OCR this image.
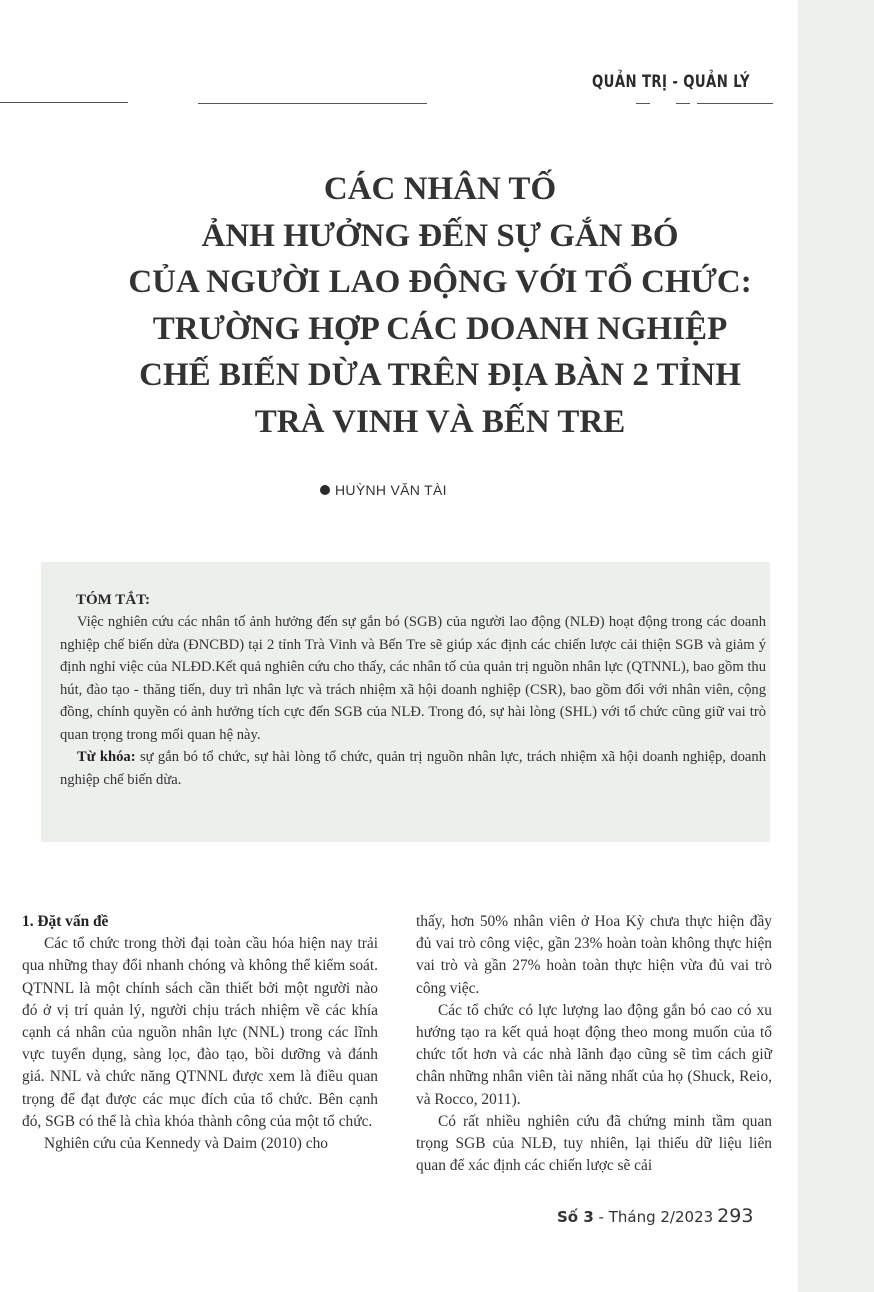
QUẢN TRỊ - QUẢN LÝ
CÁC NHÂN TỐ
ẢNH HƯỞNG ĐẾN SỰ GẮN BÓ
CỦA NGƯỜI LAO ĐỘNG VỚI TỔ CHỨC:
TRƯỜNG HỢP CÁC DOANH NGHIỆP
CHẾ BIẾN DỪA TRÊN ĐỊA BÀN 2 TỈNH
TRÀ VINH VÀ BẾN TRE
HUỲNH VĂN TÀI
TÓM TẮT:

Việc nghiên cứu các nhân tố ảnh hưởng đến sự gắn bó (SGB) của người lao động (NLĐ) hoạt động trong các doanh nghiệp chế biến dừa (ĐNCBD) tại 2 tỉnh Trà Vinh và Bến Tre sẽ giúp xác định các chiến lược cải thiện SGB và giảm ý định nghỉ việc của NLĐD.Kết quả nghiên cứu cho thấy, các nhân tố của quản trị nguồn nhân lực (QTNNL), bao gồm thu hút, đào tạo - thăng tiến, duy trì nhân lực và trách nhiệm xã hội doanh nghiệp (CSR), bao gồm đối với nhân viên, cộng đồng, chính quyền có ảnh hưởng tích cực đến SGB của NLĐ. Trong đó, sự hài lòng (SHL) với tổ chức cũng giữ vai trò quan trọng trong mối quan hệ này.

Từ khóa: sự gắn bó tổ chức, sự hài lòng tổ chức, quản trị nguồn nhân lực, trách nhiệm xã hội doanh nghiệp, doanh nghiệp chế biến dừa.

1. Đặt vấn đề

Các tổ chức trong thời đại toàn cầu hóa hiện nay trải qua những thay đổi nhanh chóng và không thể kiểm soát. QTNNL là một chính sách cần thiết bởi một người nào đó ở vị trí quản lý, người chịu trách nhiệm về các khía cạnh cá nhân của nguồn nhân lực (NNL) trong các lĩnh vực tuyển dụng, sàng lọc, đào tạo, bồi dưỡng và đánh giá. NNL và chức năng QTNNL được xem là điều quan trọng để đạt được các mục đích của tổ chức. Bên cạnh đó, SGB có thể là chìa khóa thành công của một tổ chức.

Nghiên cứu của Kennedy và Daim (2010) cho

thấy, hơn 50% nhân viên ở Hoa Kỳ chưa thực hiện đầy đủ vai trò công việc, gần 23% hoàn toàn không thực hiện vai trò và gần 27% hoàn toàn thực hiện vừa đủ vai trò công việc.

Các tổ chức có lực lượng lao động gắn bó cao có xu hướng tạo ra kết quả hoạt động theo mong muốn của tổ chức tốt hơn và các nhà lãnh đạo cũng sẽ tìm cách giữ chân những nhân viên tài năng nhất của họ (Shuck, Reio, và Rocco, 2011).

Có rất nhiều nghiên cứu đã chứng minh tầm quan trọng SGB của NLĐ, tuy nhiên, lại thiếu dữ liệu liên quan để xác định các chiến lược sẽ cải

Số 3 - Tháng 2/2023 293
